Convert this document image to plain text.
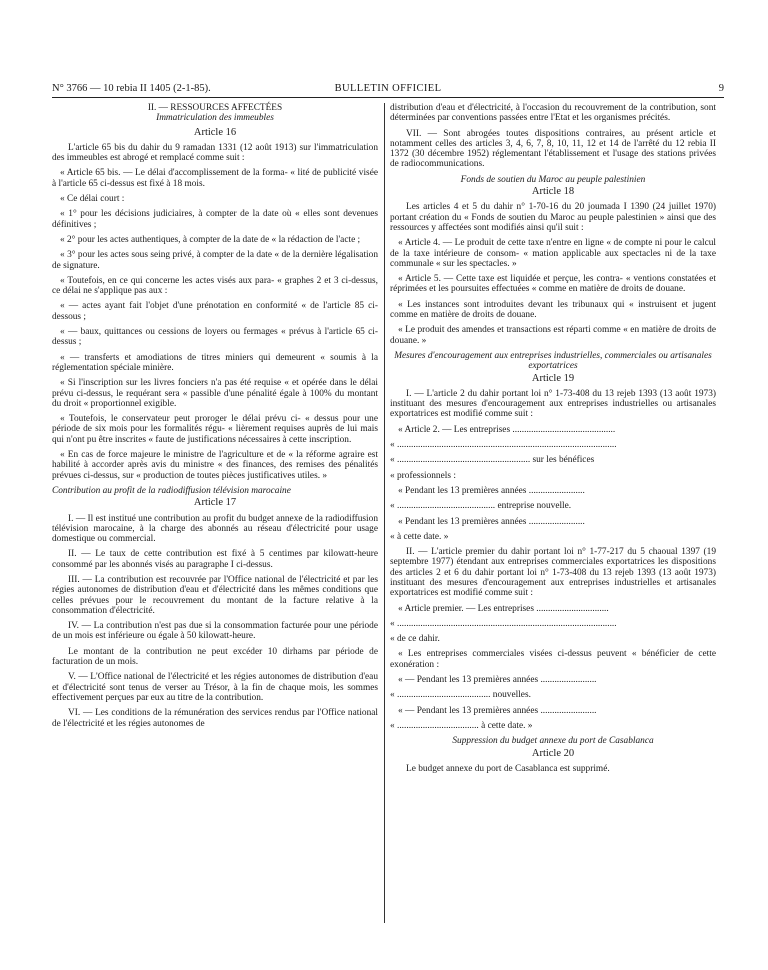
N° 3766 — 10 rebia II 1405 (2-1-85).	BULLETIN OFFICIEL	9
II. — RESSOURCES AFFECTÉES
Immatriculation des immeubles
Article 16

L'article 65 bis du dahir du 9 ramadan 1331 (12 août 1913) sur l'immatriculation des immeubles est abrogé et remplacé comme suit :

« Article 65 bis. — Le délai d'accomplissement de la forma- « lité de publicité visée à l'article 65 ci-dessus est fixé à 18 mois.

« Ce délai court :

« 1° pour les décisions judiciaires, à compter de la date où « elles sont devenues définitives ;

« 2° pour les actes authentiques, à compter de la date de « la rédaction de l'acte ;

« 3° pour les actes sous seing privé, à compter de la date « de la dernière légalisation de signature.

« Toutefois, en ce qui concerne les actes visés aux para- « graphes 2 et 3 ci-dessus, ce délai ne s'applique pas aux :

« — actes ayant fait l'objet d'une prénotation en conformité « de l'article 85 ci-dessous ;

« — baux, quittances ou cessions de loyers ou fermages « prévus à l'article 65 ci-dessus ;

« — transferts et amodiations de titres miniers qui demeurent « soumis à la réglementation spéciale minière.

« Si l'inscription sur les livres fonciers n'a pas été requise « et opérée dans le délai prévu ci-dessus, le requérant sera « passible d'une pénalité égale à 100% du montant du droit « proportionnel exigible.

« Toutefois, le conservateur peut proroger le délai prévu ci- « dessus pour une période de six mois pour les formalités régu- « lièrement requises auprès de lui mais qui n'ont pu être inscrites « faute de justifications nécessaires à cette inscription.

« En cas de force majeure le ministre de l'agriculture et de « la réforme agraire est habilité à accorder après avis du ministre « des finances, des remises des pénalités prévues ci-dessus, sur « production de toutes pièces justificatives utiles. »

Contribution au profit de la radiodiffusion télévision marocaine
Article 17

I. — Il est institué une contribution au profit du budget annexe de la radiodiffusion télévision marocaine, à la charge des abonnés au réseau d'électricité pour usage domestique ou commercial.

II. — Le taux de cette contribution est fixé à 5 centimes par kilowatt-heure consommé par les abonnés visés au paragraphe I ci-dessus.

III. — La contribution est recouvrée par l'Office national de l'électricité et par les régies autonomes de distribution d'eau et d'électricité dans les mêmes conditions que celles prévues pour le recouvrement du montant de la facture relative à la consommation d'électricité.

IV. — La contribution n'est pas due si la consommation facturée pour une période de un mois est inférieure ou égale à 50 kilowatt-heure.

Le montant de la contribution ne peut excéder 10 dirhams par période de facturation de un mois.

V. — L'Office national de l'électricité et les régies autonomes de distribution d'eau et d'électricité sont tenus de verser au Trésor, à la fin de chaque mois, les sommes effectivement perçues par eux au titre de la contribution.

VI. — Les conditions de la rémunération des services rendus par l'Office national de l'électricité et les régies autonomes de

distribution d'eau et d'électricité, à l'occasion du recouvrement de la contribution, sont déterminées par conventions passées entre l'Etat et les organismes précités.

VII. — Sont abrogées toutes dispositions contraires, au présent article et notamment celles des articles 3, 4, 6, 7, 8, 10, 11, 12 et 14 de l'arrêté du 12 rebia II 1372 (30 décembre 1952) réglementant l'établissement et l'usage des stations privées de radiocommunications.

Fonds de soutien du Maroc au peuple palestinien
Article 18

Les articles 4 et 5 du dahir n° 1-70-16 du 20 joumada I 1390 (24 juillet 1970) portant création du « Fonds de soutien du Maroc au peuple palestinien » ainsi que des ressources y affectées sont modifiés ainsi qu'il suit :

« Article 4. — Le produit de cette taxe n'entre en ligne « de compte ni pour le calcul de la taxe intérieure de consom- « mation applicable aux spectacles ni de la taxe communale « sur les spectacles. »

« Article 5. — Cette taxe est liquidée et perçue, les contra- « ventions constatées et réprimées et les poursuites effectuées « comme en matière de droits de douane.

« Les instances sont introduites devant les tribunaux qui « instruisent et jugent comme en matière de droits de douane.

« Le produit des amendes et transactions est réparti comme « en matière de droits de douane. »

Mesures d'encouragement aux entreprises industrielles, commerciales ou artisanales exportatrices
Article 19

I. — L'article 2 du dahir portant loi n° 1-73-408 du 13 rejeb 1393 (13 août 1973) instituant des mesures d'encouragement aux entreprises industrielles ou artisanales exportatrices est modifié comme suit :

« Article 2. — Les entreprises ............................................

« ..............................................................................................

« ......................................................... sur les bénéfices

« professionnels :

« Pendant les 13 premières années ........................

« .......................................... entreprise nouvelle.

« Pendant les 13 premières années ........................

« à cette date. »

II. — L'article premier du dahir portant loi n° 1-77-217 du 5 chaoual 1397 (19 septembre 1977) étendant aux entreprises commerciales exportatrices les dispositions des articles 2 et 6 du dahir portant loi n° 1-73-408 du 13 rejeb 1393 (13 août 1973) instituant des mesures d'encouragement aux entreprises industrielles et artisanales exportatrices est modifié comme suit :

« Article premier. — Les entreprises ...............................

« ..............................................................................................

« de ce dahir.

« Les entreprises commerciales visées ci-dessus peuvent « bénéficier de cette exonération :

« — Pendant les 13 premières années ........................

« ........................................ nouvelles.

« — Pendant les 13 premières années ........................

« ................................... à cette date. »

Suppression du budget annexe du port de Casablanca
Article 20

Le budget annexe du port de Casablanca est supprimé.
